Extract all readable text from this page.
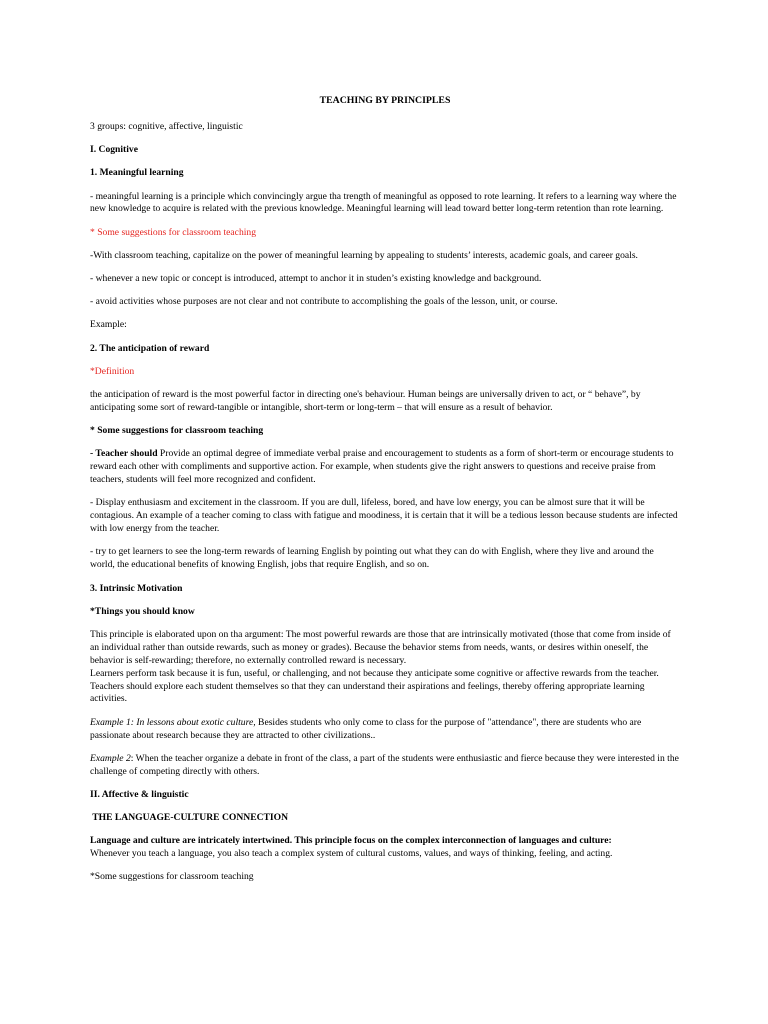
TEACHING BY PRINCIPLES

3 groups: cognitive, affective, linguistic

I. Cognitive

1. Meaningful learning

- meaningful learning is a principle which convincingly argue tha trength of meaningful as opposed to rote learning. It refers to a learning way where the new knowledge to acquire is related with the previous knowledge. Meaningful learning will lead toward better long-term retention than rote learning.

* Some suggestions for classroom teaching

-With classroom teaching, capitalize on the power of meaningful learning by appealing to students’ interests, academic goals, and career goals.

- whenever a new topic or concept is introduced, attempt to anchor it in studen’s existing knowledge and background.

- avoid activities whose purposes are not clear and not contribute to accomplishing the goals of the lesson, unit, or course.

Example:

2. The anticipation of reward

*Definition

the anticipation of reward is the most powerful factor in directing one's behaviour. Human beings are universally driven to act, or “ behave”, by anticipating some sort of reward-tangible or intangible, short-term or long-term – that will ensure as a result of behavior.

* Some suggestions for classroom teaching

- Teacher should Provide an optimal degree of immediate verbal praise and encouragement to students as a form of short-term or encourage students to reward each other with compliments and supportive action. For example, when students give the right answers to questions and receive praise from teachers, students will feel more recognized and confident.

- Display enthusiasm and excitement in the classroom. If you are dull, lifeless, bored, and have low energy, you can be almost sure that it will be contagious. An example of a teacher coming to class with fatigue and moodiness, it is certain that it will be a tedious lesson because students are infected with low energy from the teacher.

- try to get learners to see the long-term rewards of learning English by pointing out what they can do with English, where they live and around the world, the educational benefits of knowing English, jobs that require English, and so on.

3. Intrinsic Motivation

*Things you should know

This principle is elaborated upon on tha argument: The most powerful rewards are those that are intrinsically motivated (those that come from inside of an individual rather than outside rewards, such as money or grades). Because the behavior stems from needs, wants, or desires within oneself, the behavior is self-rewarding; therefore, no externally controlled reward is necessary.

Learners perform task because it is fun, useful, or challenging, and not because they anticipate some cognitive or affective rewards from the teacher. Teachers should explore each student themselves so that they can understand their aspirations and feelings, thereby offering appropriate learning activities.

Example 1: In lessons about exotic culture, Besides students who only come to class for the purpose of "attendance", there are students who are passionate about research because they are attracted to other civilizations..

Example 2: When the teacher organize a debate in front of the class, a part of the students were enthusiastic and fierce because they were interested in the challenge of competing directly with others.

II. Affective & linguistic

THE LANGUAGE-CULTURE CONNECTION

Language and culture are intricately intertwined. This principle focus on the complex interconnection of languages and culture:
Whenever you teach a language, you also teach a complex system of cultural customs, values, and ways of thinking, feeling, and acting.

*Some suggestions for classroom teaching
